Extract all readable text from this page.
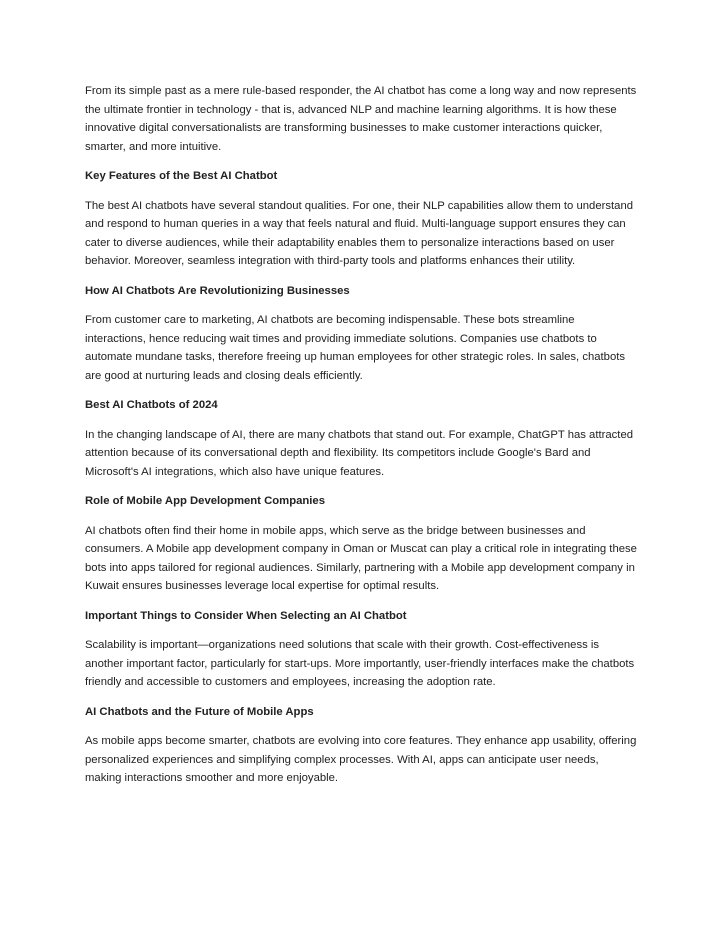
From its simple past as a mere rule-based responder, the AI chatbot has come a long way and now represents the ultimate frontier in technology - that is, advanced NLP and machine learning algorithms. It is how these innovative digital conversationalists are transforming businesses to make customer interactions quicker, smarter, and more intuitive.

Key Features of the Best AI Chatbot

The best AI chatbots have several standout qualities. For one, their NLP capabilities allow them to understand and respond to human queries in a way that feels natural and fluid. Multi-language support ensures they can cater to diverse audiences, while their adaptability enables them to personalize interactions based on user behavior. Moreover, seamless integration with third-party tools and platforms enhances their utility.

How AI Chatbots Are Revolutionizing Businesses

From customer care to marketing, AI chatbots are becoming indispensable. These bots streamline interactions, hence reducing wait times and providing immediate solutions. Companies use chatbots to automate mundane tasks, therefore freeing up human employees for other strategic roles. In sales, chatbots are good at nurturing leads and closing deals efficiently.

Best AI Chatbots of 2024

In the changing landscape of AI, there are many chatbots that stand out. For example, ChatGPT has attracted attention because of its conversational depth and flexibility. Its competitors include Google's Bard and Microsoft's AI integrations, which also have unique features.

Role of Mobile App Development Companies

AI chatbots often find their home in mobile apps, which serve as the bridge between businesses and consumers. A Mobile app development company in Oman or Muscat can play a critical role in integrating these bots into apps tailored for regional audiences. Similarly, partnering with a Mobile app development company in Kuwait ensures businesses leverage local expertise for optimal results.

Important Things to Consider When Selecting an AI Chatbot

Scalability is important—organizations need solutions that scale with their growth. Cost-effectiveness is another important factor, particularly for start-ups. More importantly, user-friendly interfaces make the chatbots friendly and accessible to customers and employees, increasing the adoption rate.

AI Chatbots and the Future of Mobile Apps

As mobile apps become smarter, chatbots are evolving into core features. They enhance app usability, offering personalized experiences and simplifying complex processes. With AI, apps can anticipate user needs, making interactions smoother and more enjoyable.
